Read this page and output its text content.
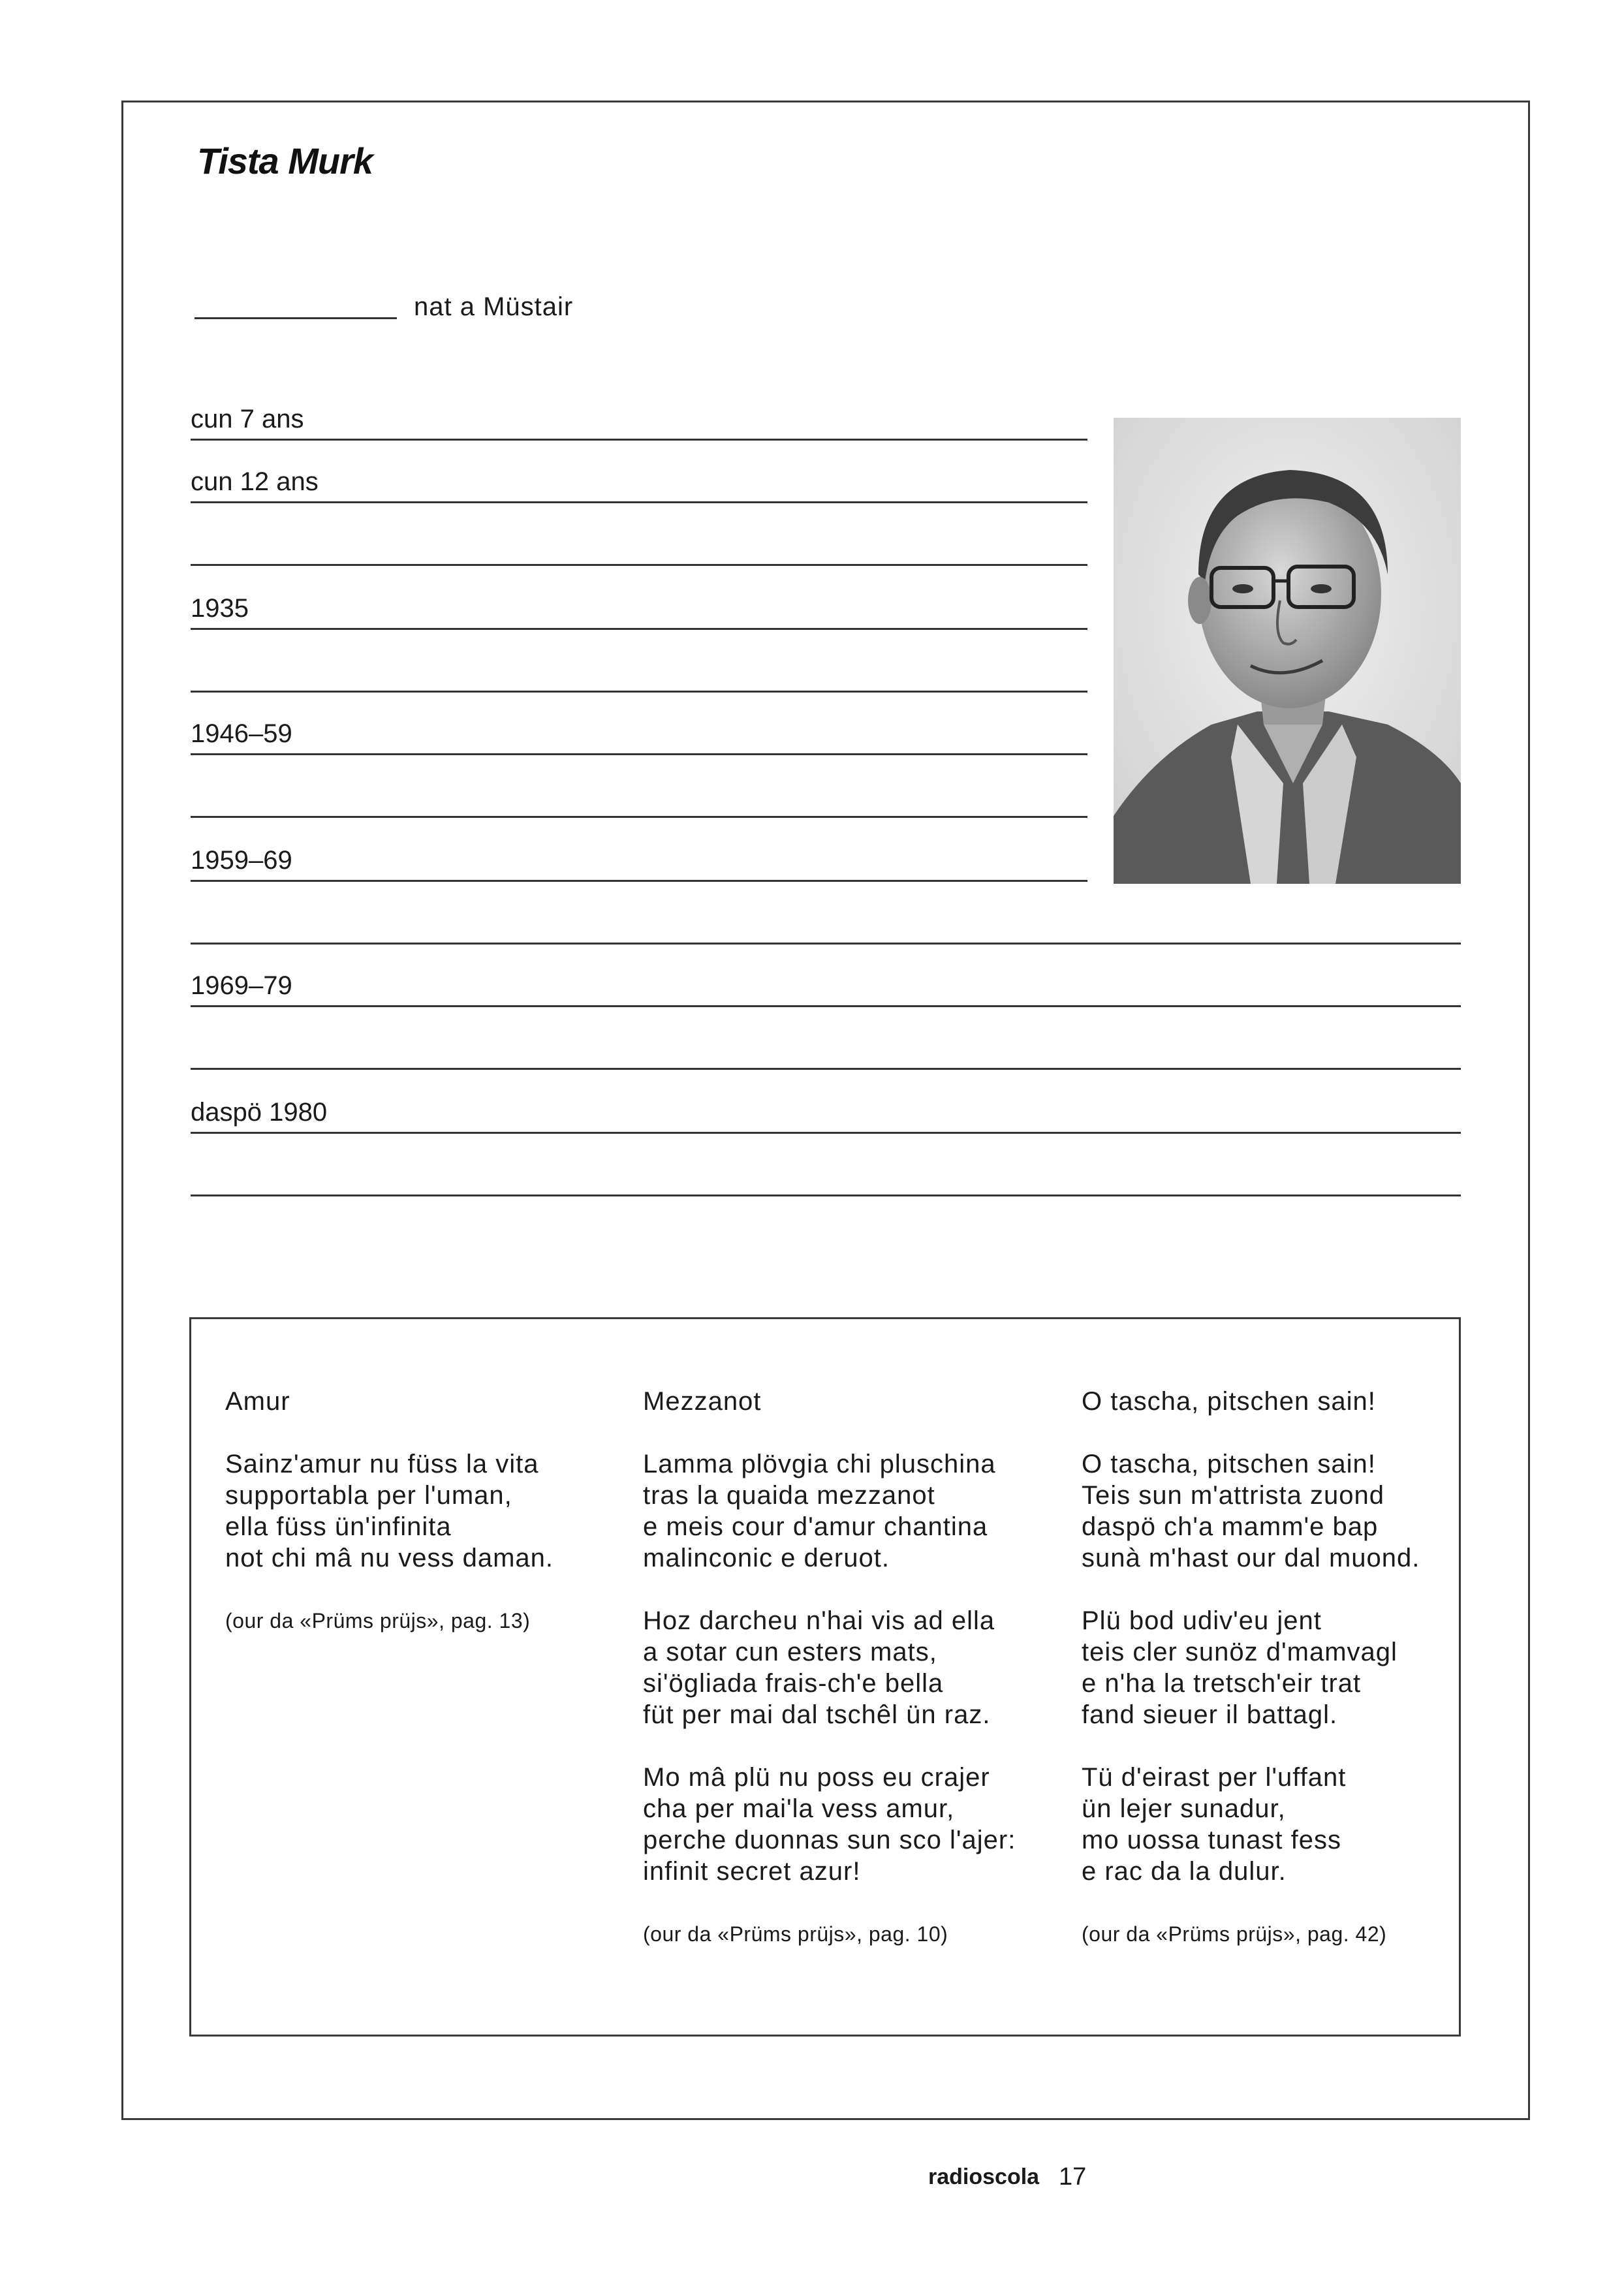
Tista Murk
nat a Müstair
cun 7 ans
cun 12 ans
1935
1946–59
1959–69
1969–79
daspö 1980
Amur
Sainz'amur nu füss la vita
supportabla per l'uman,
ella füss ün'infinita
not chi mâ nu vess daman.
(our da «Prüms prüjs», pag. 13)
Mezzanot
Lamma plövgia chi pluschina
tras la quaida mezzanot
e meis cour d'amur chantina
malinconic e deruot.
Hoz darcheu n'hai vis ad ella
a sotar cun esters mats,
si'ögliada frais-ch'e bella
füt per mai dal tschêl ün raz.
Mo mâ plü nu poss eu crajer
cha per mai'la vess amur,
perche duonnas sun sco l'ajer:
infinit secret azur!
(our da «Prüms prüjs», pag. 10)
O tascha, pitschen sain!
O tascha, pitschen sain!
Teis sun m'attrista zuond
daspö ch'a mamm'e bap
sunà m'hast our dal muond.
Plü bod udiv'eu jent
teis cler sunöz d'mamvagl
e n'ha la tretsch'eir trat
fand sieuer il battagl.
Tü d'eirast per l'uffant
ün lejer sunadur,
mo uossa tunast fess
e rac da la dulur.
(our da «Prüms prüjs», pag. 42)
radioscola 17
